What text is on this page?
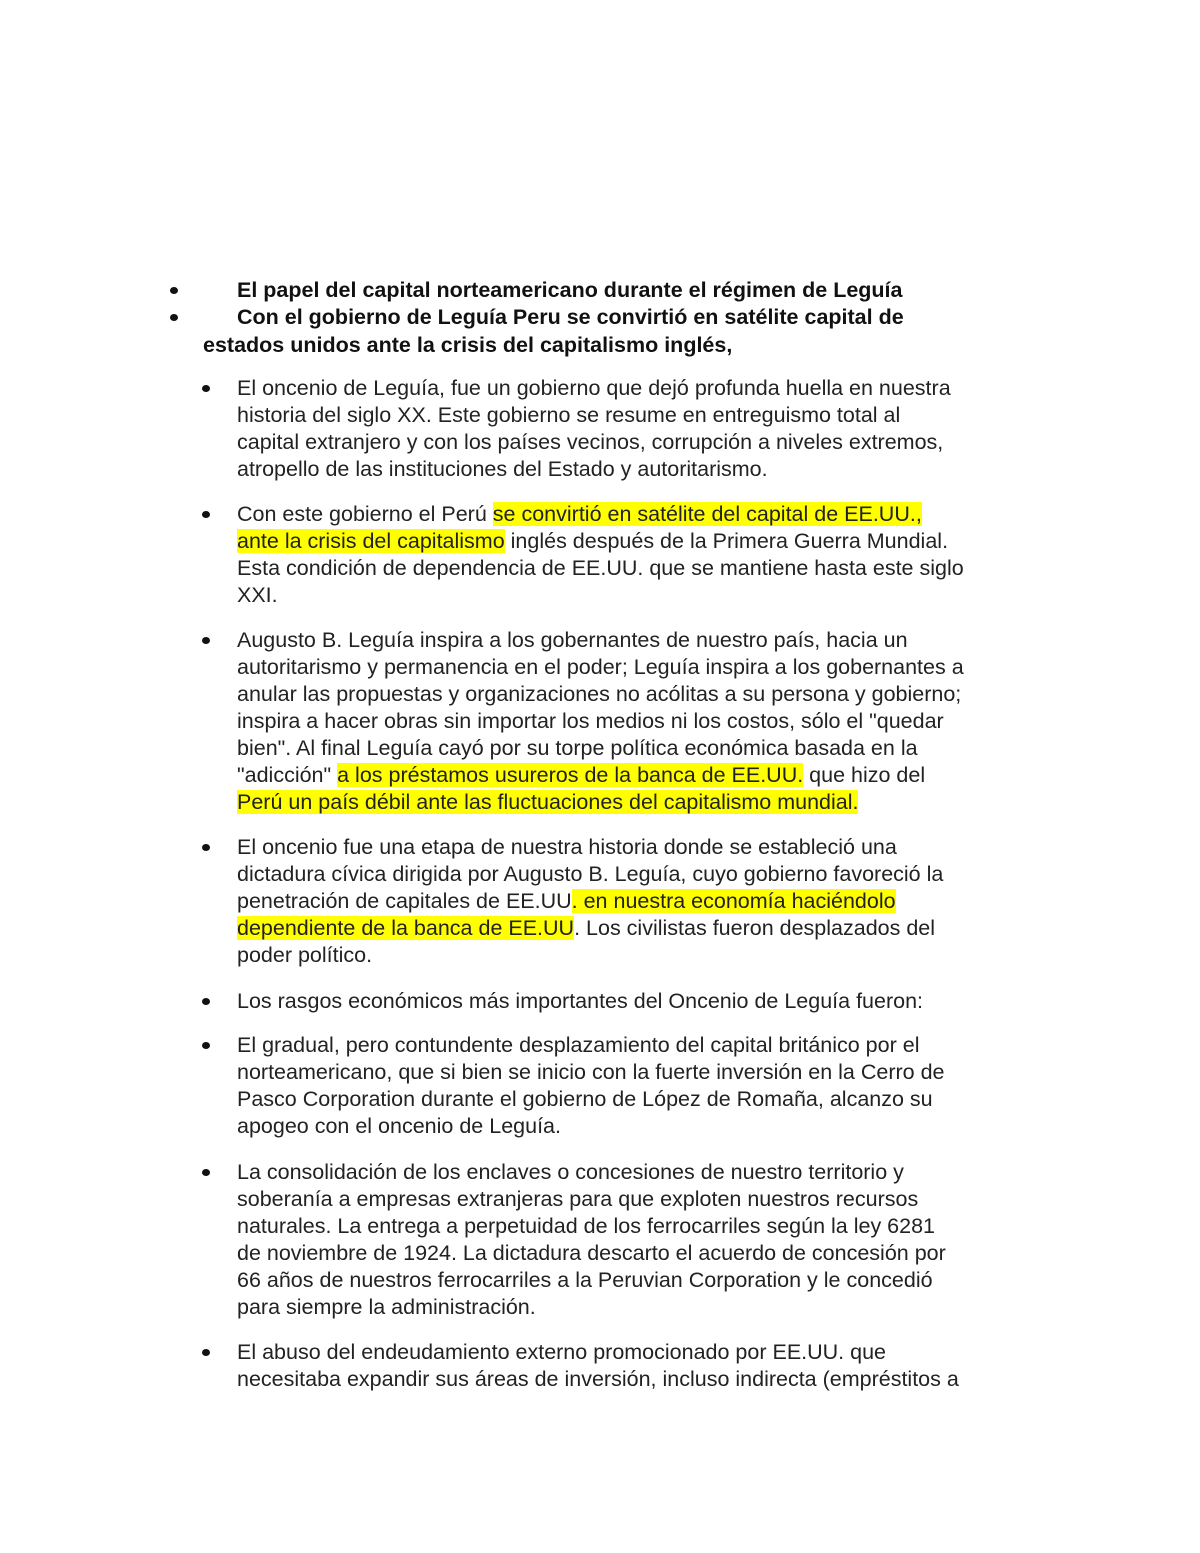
El papel del capital norteamericano durante el régimen de Leguía
Con el gobierno de Leguía Peru se convirtió en satélite capital de
estados unidos ante la crisis del capitalismo inglés,
El oncenio de Leguía, fue un gobierno que dejó profunda huella en nuestra
historia del siglo XX. Este gobierno se resume en entreguismo total al
capital extranjero y con los países vecinos, corrupción a niveles extremos,
atropello de las instituciones del Estado y autoritarismo.
Con este gobierno el Perú se convirtió en satélite del capital de EE.UU.,
ante la crisis del capitalismo inglés después de la Primera Guerra Mundial.
Esta condición de dependencia de EE.UU. que se mantiene hasta este siglo
XXI.
Augusto B. Leguía inspira a los gobernantes de nuestro país, hacia un
autoritarismo y permanencia en el poder; Leguía inspira a los gobernantes a
anular las propuestas y organizaciones no acólitas a su persona y gobierno;
inspira a hacer obras sin importar los medios ni los costos, sólo el "quedar
bien". Al final Leguía cayó por su torpe política económica basada en la
"adicción" a los préstamos usureros de la banca de EE.UU. que hizo del
Perú un país débil ante las fluctuaciones del capitalismo mundial.
El oncenio fue una etapa de nuestra historia donde se estableció una
dictadura cívica dirigida por Augusto B. Leguía, cuyo gobierno favoreció la
penetración de capitales de EE.UU. en nuestra economía haciéndolo
dependiente de la banca de EE.UU. Los civilistas fueron desplazados del
poder político.
Los rasgos económicos más importantes del Oncenio de Leguía fueron:
El gradual, pero contundente desplazamiento del capital británico por el
norteamericano, que si bien se inicio con la fuerte inversión en la Cerro de
Pasco Corporation durante el gobierno de López de Romaña, alcanzo su
apogeo con el oncenio de Leguía.
La consolidación de los enclaves o concesiones de nuestro territorio y
soberanía a empresas extranjeras para que exploten nuestros recursos
naturales. La entrega a perpetuidad de los ferrocarriles según la ley 6281
de noviembre de 1924. La dictadura descarto el acuerdo de concesión por
66 años de nuestros ferrocarriles a la Peruvian Corporation y le concedió
para siempre la administración.
El abuso del endeudamiento externo promocionado por EE.UU. que
necesitaba expandir sus áreas de inversión, incluso indirecta (empréstitos a
